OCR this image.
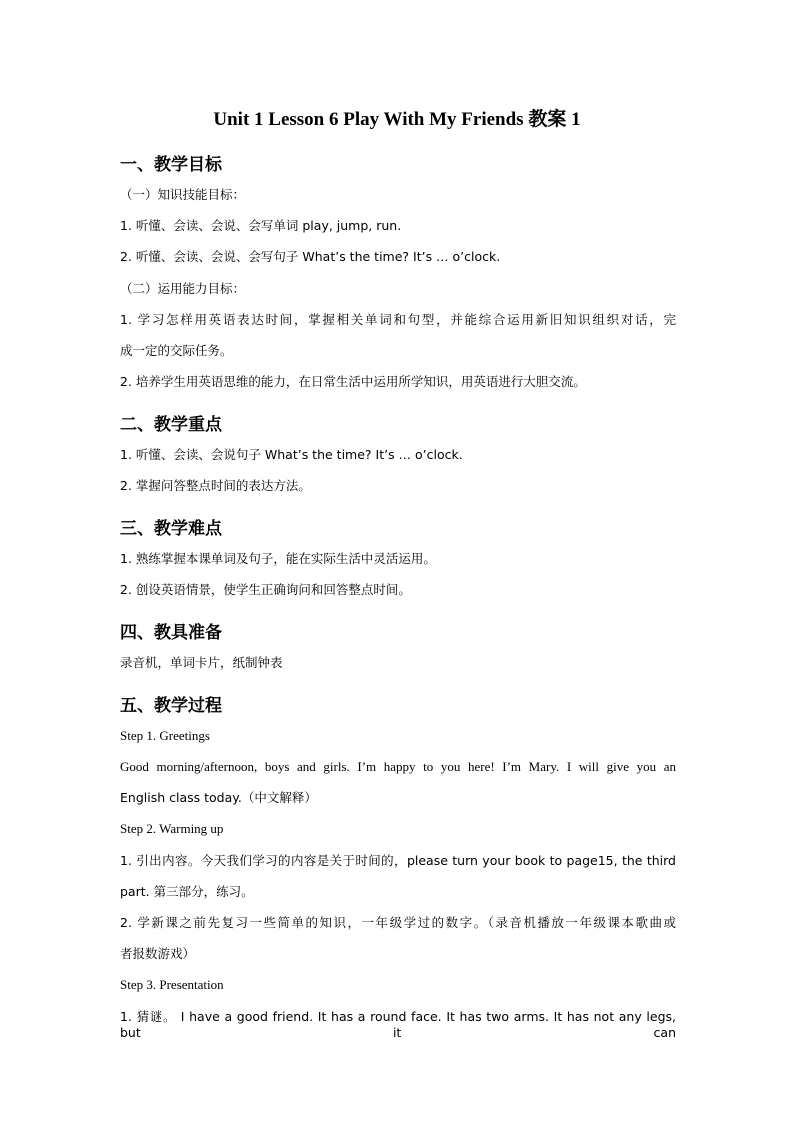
Unit 1 Lesson 6 Play With My Friends 教案 1
一、教学目标
（一）知识技能目标：
1. 听懂、会读、会说、会写单词 play, jump, run.
2. 听懂、会读、会说、会写句子 What’s the time? It’s … o’clock.
（二）运用能力目标：
1. 学习怎样用英语表达时间，掌握相关单词和句型，并能综合运用新旧知识组织对话，完
成一定的交际任务。
2. 培养学生用英语思维的能力，在日常生活中运用所学知识，用英语进行大胆交流。
二、教学重点
1. 听懂、会读、会说句子 What’s the time? It’s … o’clock.
2. 掌握问答整点时间的表达方法。
三、教学难点
1. 熟练掌握本课单词及句子，能在实际生活中灵活运用。
2. 创设英语情景，使学生正确询问和回答整点时间。
四、教具准备
录音机，单词卡片，纸制钟表
五、教学过程
Step 1. Greetings
Good morning/afternoon, boys and girls. I’m happy to you here! I’m Mary. I will give you an
English class today.（中文解释）
Step 2. Warming up
1. 引出内容。今天我们学习的内容是关于时间的，please turn your book to page15, the third
part. 第三部分，练习。
2. 学新课之前先复习一些简单的知识，一年级学过的数字。（录音机播放一年级课本歌曲或
者报数游戏）
Step 3. Presentation
1. 猜谜。 I have a good friend. It has a round face. It has two arms. It has not any legs, but it can
